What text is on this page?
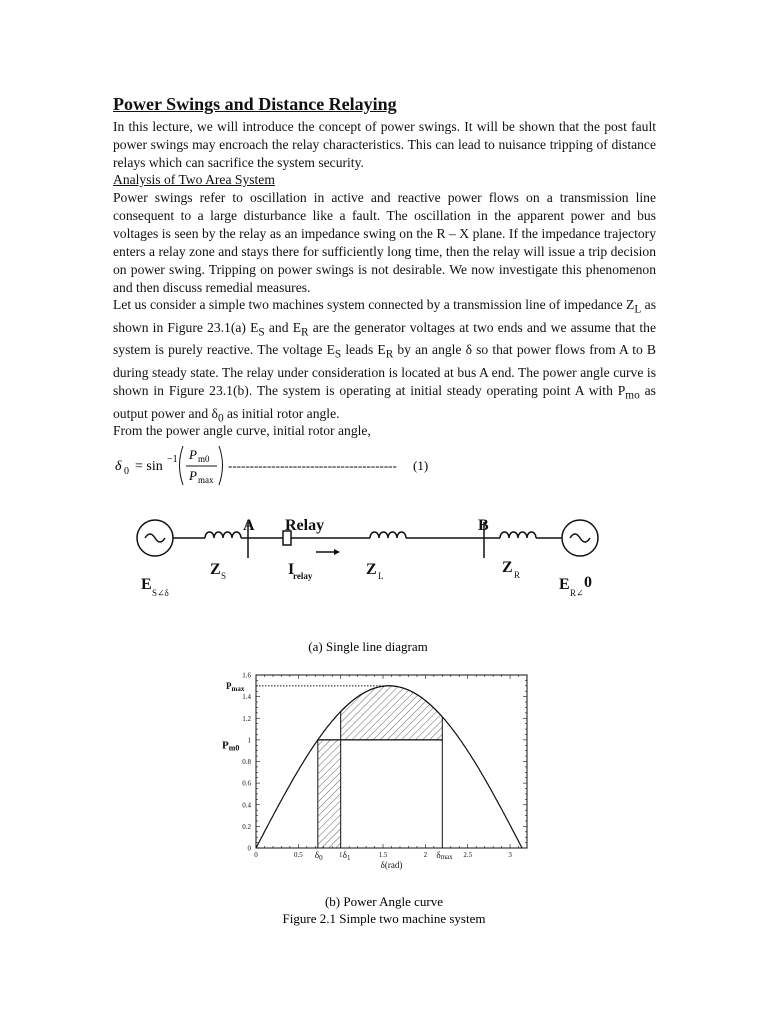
Power Swings and Distance Relaying
In this lecture, we will introduce the concept of power swings. It will be shown that the post fault power swings may encroach the relay characteristics. This can lead to nuisance tripping of distance relays which can sacrifice the system security.
Analysis of Two Area System
Power swings refer to oscillation in active and reactive power flows on a transmission line consequent to a large disturbance like a fault. The oscillation in the apparent power and bus voltages is seen by the relay as an impedance swing on the R – X plane. If the impedance trajectory enters a relay zone and stays there for sufficiently long time, then the relay will issue a trip decision on power swing. Tripping on power swings is not desirable. We now investigate this phenomenon and then discuss remedial measures.
Let us consider a simple two machines system connected by a transmission line of impedance $Z_L$ as shown in Figure 23.1(a) $E_S$ and $E_R$ are the generator voltages at two ends and we assume that the system is purely reactive. The voltage $E_S$ leads $E_R$ by an angle δ so that power flows from A to B during steady state. The relay under consideration is located at bus A end. The power angle curve is shown in Figure 23.1(b). The system is operating at initial steady operating point A with $P_{mo}$ as output power and $\delta_0$ as initial rotor angle.
From the power angle curve, initial rotor angle,
δ 0 = sin −1 P m0
P max
--------------------------------------- (1)
A Relay	B
Z S	I
relay	Z L	Z R
E S∠δ	E R∠
0
(a) Single line diagram
0	0.5	1	1.5	2	2.5	3
0
0.2
0.4
0.6
0.8
1
1.2
1.4
1.6
$P_{max}$
Pm0
$\delta_0$ $\delta_1$	δmax
δ(rad)
(b) Power Angle curve
Figure 2.1 Simple two machine system
